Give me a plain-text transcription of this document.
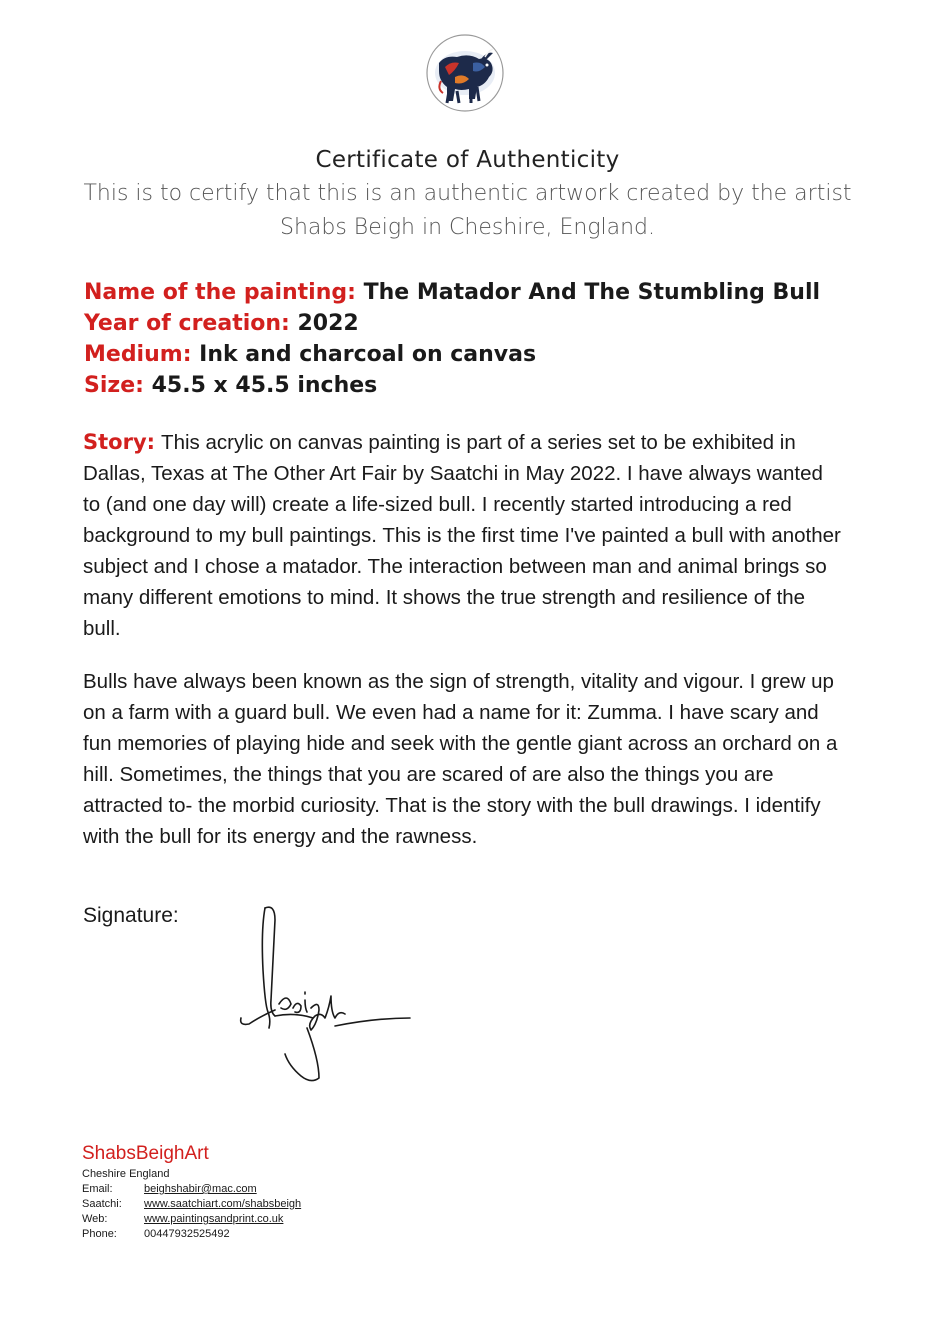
Certificate of Authenticity
This is to certify that this is an authentic artwork created by the artist Shabs Beigh in Cheshire, England.
Name of the painting: The Matador And The Stumbling Bull
Year of creation: 2022
Medium: Ink and charcoal on canvas
Size: 45.5 x 45.5 inches

Story: This acrylic on canvas painting is part of a series set to be exhibited in Dallas, Texas at The Other Art Fair by Saatchi in May 2022. I have always wanted to (and one day will) create a life-sized bull. I recently started introducing a red background to my bull paintings. This is the first time I've painted a bull with another subject and I chose a matador. The interaction between man and animal brings so many different emotions to mind. It shows the true strength and resilience of the bull.

Bulls have always been known as the sign of strength, vitality and vigour. I grew up on a farm with a guard bull. We even had a name for it: Zumma. I have scary and fun memories of playing hide and seek with the gentle giant across an orchard on a hill. Sometimes, the things that you are scared of are also the things you are attracted to- the morbid curiosity. That is the story with the bull drawings. I identify with the bull for its energy and the rawness.

Signature:
ShabsBeighArt
Cheshire England
Email:	beighshabir@mac.com
Saatchi:	www.saatchiart.com/shabsbeigh
Web:	www.paintingsandprint.co.uk
Phone:	00447932525492
